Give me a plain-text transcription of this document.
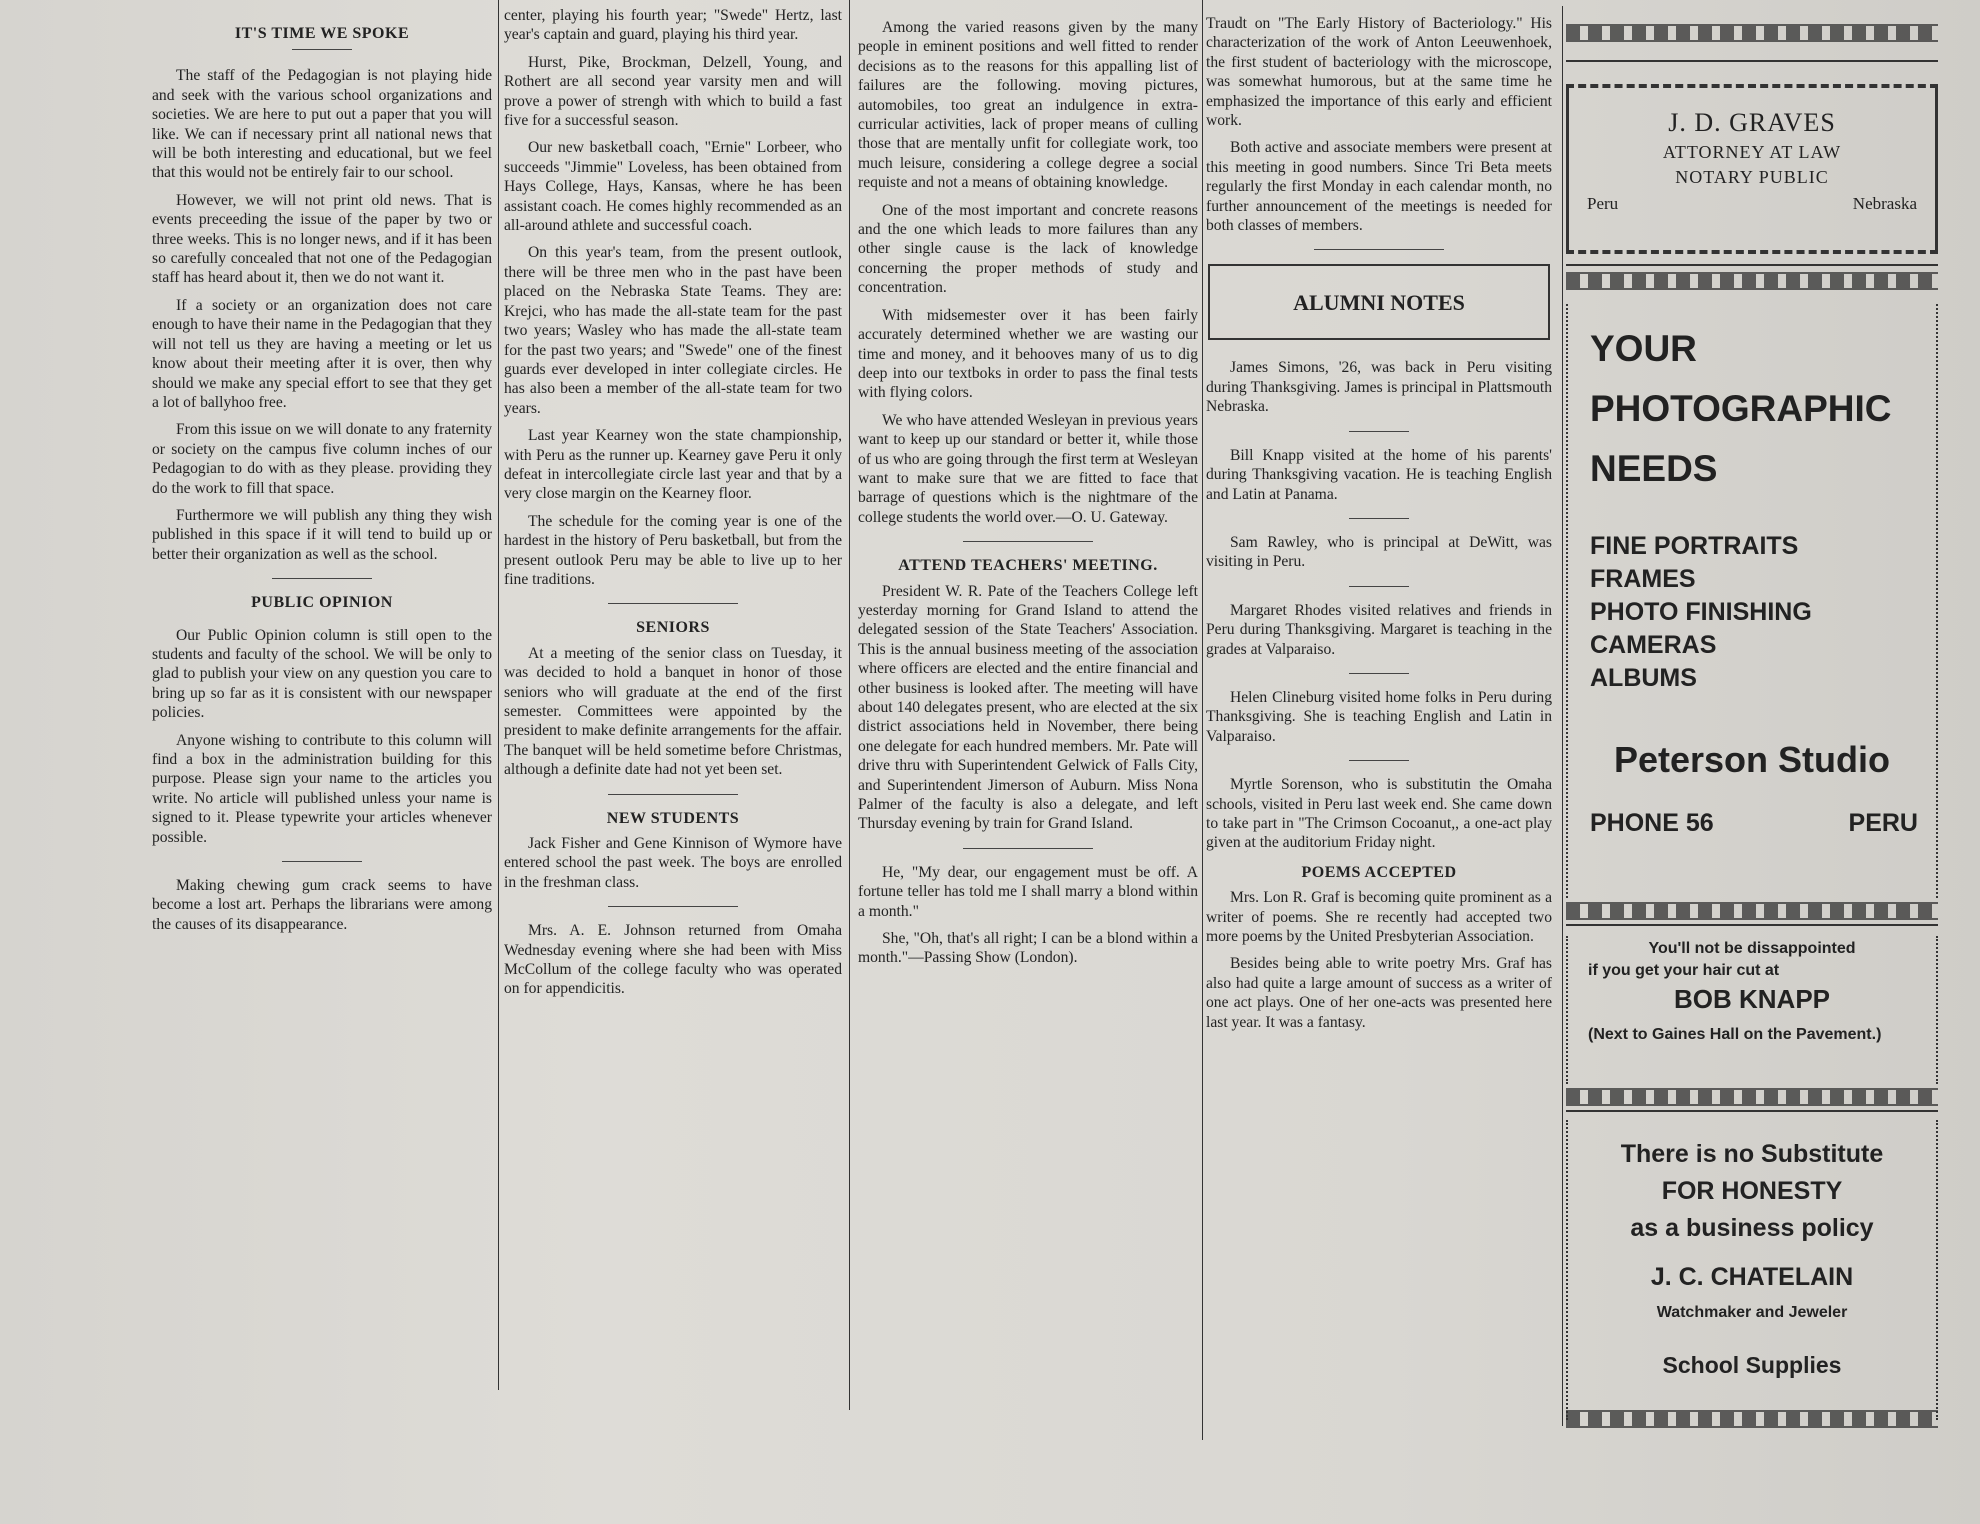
IT'S TIME WE SPOKE

The staff of the Pedagogian is not playing hide and seek with the various school organizations and societies. We are here to put out a paper that you will like. We can if necessary print all national news that will be both interesting and educational, but we feel that this would not be entirely fair to our school.

However, we will not print old news. That is events preceeding the issue of the paper by two or three weeks. This is no longer news, and if it has been so carefully concealed that not one of the Pedagogian staff has heard about it, then we do not want it.

If a society or an organization does not care enough to have their name in the Pedagogian that they will not tell us they are having a meeting or let us know about their meeting after it is over, then why should we make any special effort to see that they get a lot of ballyhoo free.

From this issue on we will donate to any fraternity or society on the campus five column inches of our Pedagogian to do with as they please. providing they do the work to fill that space.

Furthermore we will publish any thing they wish published in this space if it will tend to build up or better their organization as well as the school.

PUBLIC OPINION

Our Public Opinion column is still open to the students and faculty of the school. We will be only to glad to publish your view on any question you care to bring up so far as it is consistent with our newspaper policies.

Anyone wishing to contribute to this column will find a box in the administration building for this purpose. Please sign your name to the articles you write. No article will published unless your name is signed to it. Please typewrite your articles whenever possible.

Making chewing gum crack seems to have become a lost art. Perhaps the librarians were among the causes of its disappearance.

center, playing his fourth year; "Swede" Hertz, last year's captain and guard, playing his third year.

Hurst, Pike, Brockman, Delzell, Young, and Rothert are all second year varsity men and will prove a power of strengh with which to build a fast five for a successful season.

Our new basketball coach, "Ernie" Lorbeer, who succeeds "Jimmie" Loveless, has been obtained from Hays College, Hays, Kansas, where he has been assistant coach. He comes highly recommended as an all-around athlete and successful coach.

On this year's team, from the present outlook, there will be three men who in the past have been placed on the Nebraska State Teams. They are: Krejci, who has made the all-state team for the past two years; Wasley who has made the all-state team for the past two years; and "Swede" one of the finest guards ever developed in inter collegiate circles. He has also been a member of the all-state team for two years.

Last year Kearney won the state championship, with Peru as the runner up. Kearney gave Peru it only defeat in intercollegiate circle last year and that by a very close margin on the Kearney floor.

The schedule for the coming year is one of the hardest in the history of Peru basketball, but from the present outlook Peru may be able to live up to her fine traditions.

SENIORS

At a meeting of the senior class on Tuesday, it was decided to hold a banquet in honor of those seniors who will graduate at the end of the first semester. Committees were appointed by the president to make definite arrangements for the affair. The banquet will be held sometime before Christmas, although a definite date had not yet been set.

NEW STUDENTS

Jack Fisher and Gene Kinnison of Wymore have entered school the past week. The boys are enrolled in the freshman class.

Mrs. A. E. Johnson returned from Omaha Wednesday evening where she had been with Miss McCollum of the college faculty who was operated on for appendicitis.

Among the varied reasons given by the many people in eminent positions and well fitted to render decisions as to the reasons for this appalling list of failures are the following. moving pictures, automobiles, too great an indulgence in extra-curricular activities, lack of proper means of culling those that are mentally unfit for collegiate work, too much leisure, considering a college degree a social requiste and not a means of obtaining knowledge.

One of the most important and concrete reasons and the one which leads to more failures than any other single cause is the lack of knowledge concerning the proper methods of study and concentration.

With midsemester over it has been fairly accurately determined whether we are wasting our time and money, and it behooves many of us to dig deep into our textboks in order to pass the final tests with flying colors.

We who have attended Wesleyan in previous years want to keep up our standard or better it, while those of us who are going through the first term at Wesleyan want to make sure that we are fitted to face that barrage of questions which is the nightmare of the college students the world over.—O. U. Gateway.

ATTEND TEACHERS' MEETING.

President W. R. Pate of the Teachers College left yesterday morning for Grand Island to attend the delegated session of the State Teachers' Association. This is the annual business meeting of the association where officers are elected and the entire financial and other business is looked after. The meeting will have about 140 delegates present, who are elected at the six district associations held in November, there being one delegate for each hundred members. Mr. Pate will drive thru with Superintendent Gelwick of Falls City, and Superintendent Jimerson of Auburn. Miss Nona Palmer of the faculty is also a delegate, and left Thursday evening by train for Grand Island.

He, "My dear, our engagement must be off. A fortune teller has told me I shall marry a blond within a month."

She, "Oh, that's all right; I can be a blond within a month."—Passing Show (London).

Traudt on "The Early History of Bacteriology." His characterization of the work of Anton Leeuwenhoek, the first student of bacteriology with the microscope, was somewhat humorous, but at the same time he emphasized the importance of this early and efficient work.

Both active and associate members were present at this meeting in good numbers. Since Tri Beta meets regularly the first Monday in each calendar month, no further announcement of the meetings is needed for both classes of members.

ALUMNI NOTES

James Simons, '26, was back in Peru visiting during Thanksgiving. James is principal in Plattsmouth Nebraska.

Bill Knapp visited at the home of his parents' during Thanksgiving vacation. He is teaching English and Latin at Panama.

Sam Rawley, who is principal at DeWitt, was visiting in Peru.

Margaret Rhodes visited relatives and friends in Peru during Thanksgiving. Margaret is teaching in the grades at Valparaiso.

Helen Clineburg visited home folks in Peru during Thanksgiving. She is teaching English and Latin in Valparaiso.

Myrtle Sorenson, who is substitutin the Omaha schools, visited in Peru last week end. She came down to take part in "The Crimson Cocoanut,, a one-act play given at the auditorium Friday night.

POEMS ACCEPTED

Mrs. Lon R. Graf is becoming quite prominent as a writer of poems. She re recently had accepted two more poems by the United Presbyterian Association.

Besides being able to write poetry Mrs. Graf has also had quite a large amount of success as a writer of one act plays. One of her one-acts was presented here last year. It was a fantasy.

J. D. GRAVES
ATTORNEY AT LAW
NOTARY PUBLIC
Peru	Nebraska
YOUR
PHOTOGRAPHIC
NEEDS
FINE PORTRAITS
FRAMES
PHOTO FINISHING
CAMERAS
ALBUMS
Peterson Studio
PHONE 56	PERU
You'll not be dissappointed
if you get your hair cut at
BOB KNAPP
(Next to Gaines Hall on the Pavement.)
There is no Substitute
FOR HONESTY
as a business policy
J. C. CHATELAIN
Watchmaker and Jeweler
School Supplies
